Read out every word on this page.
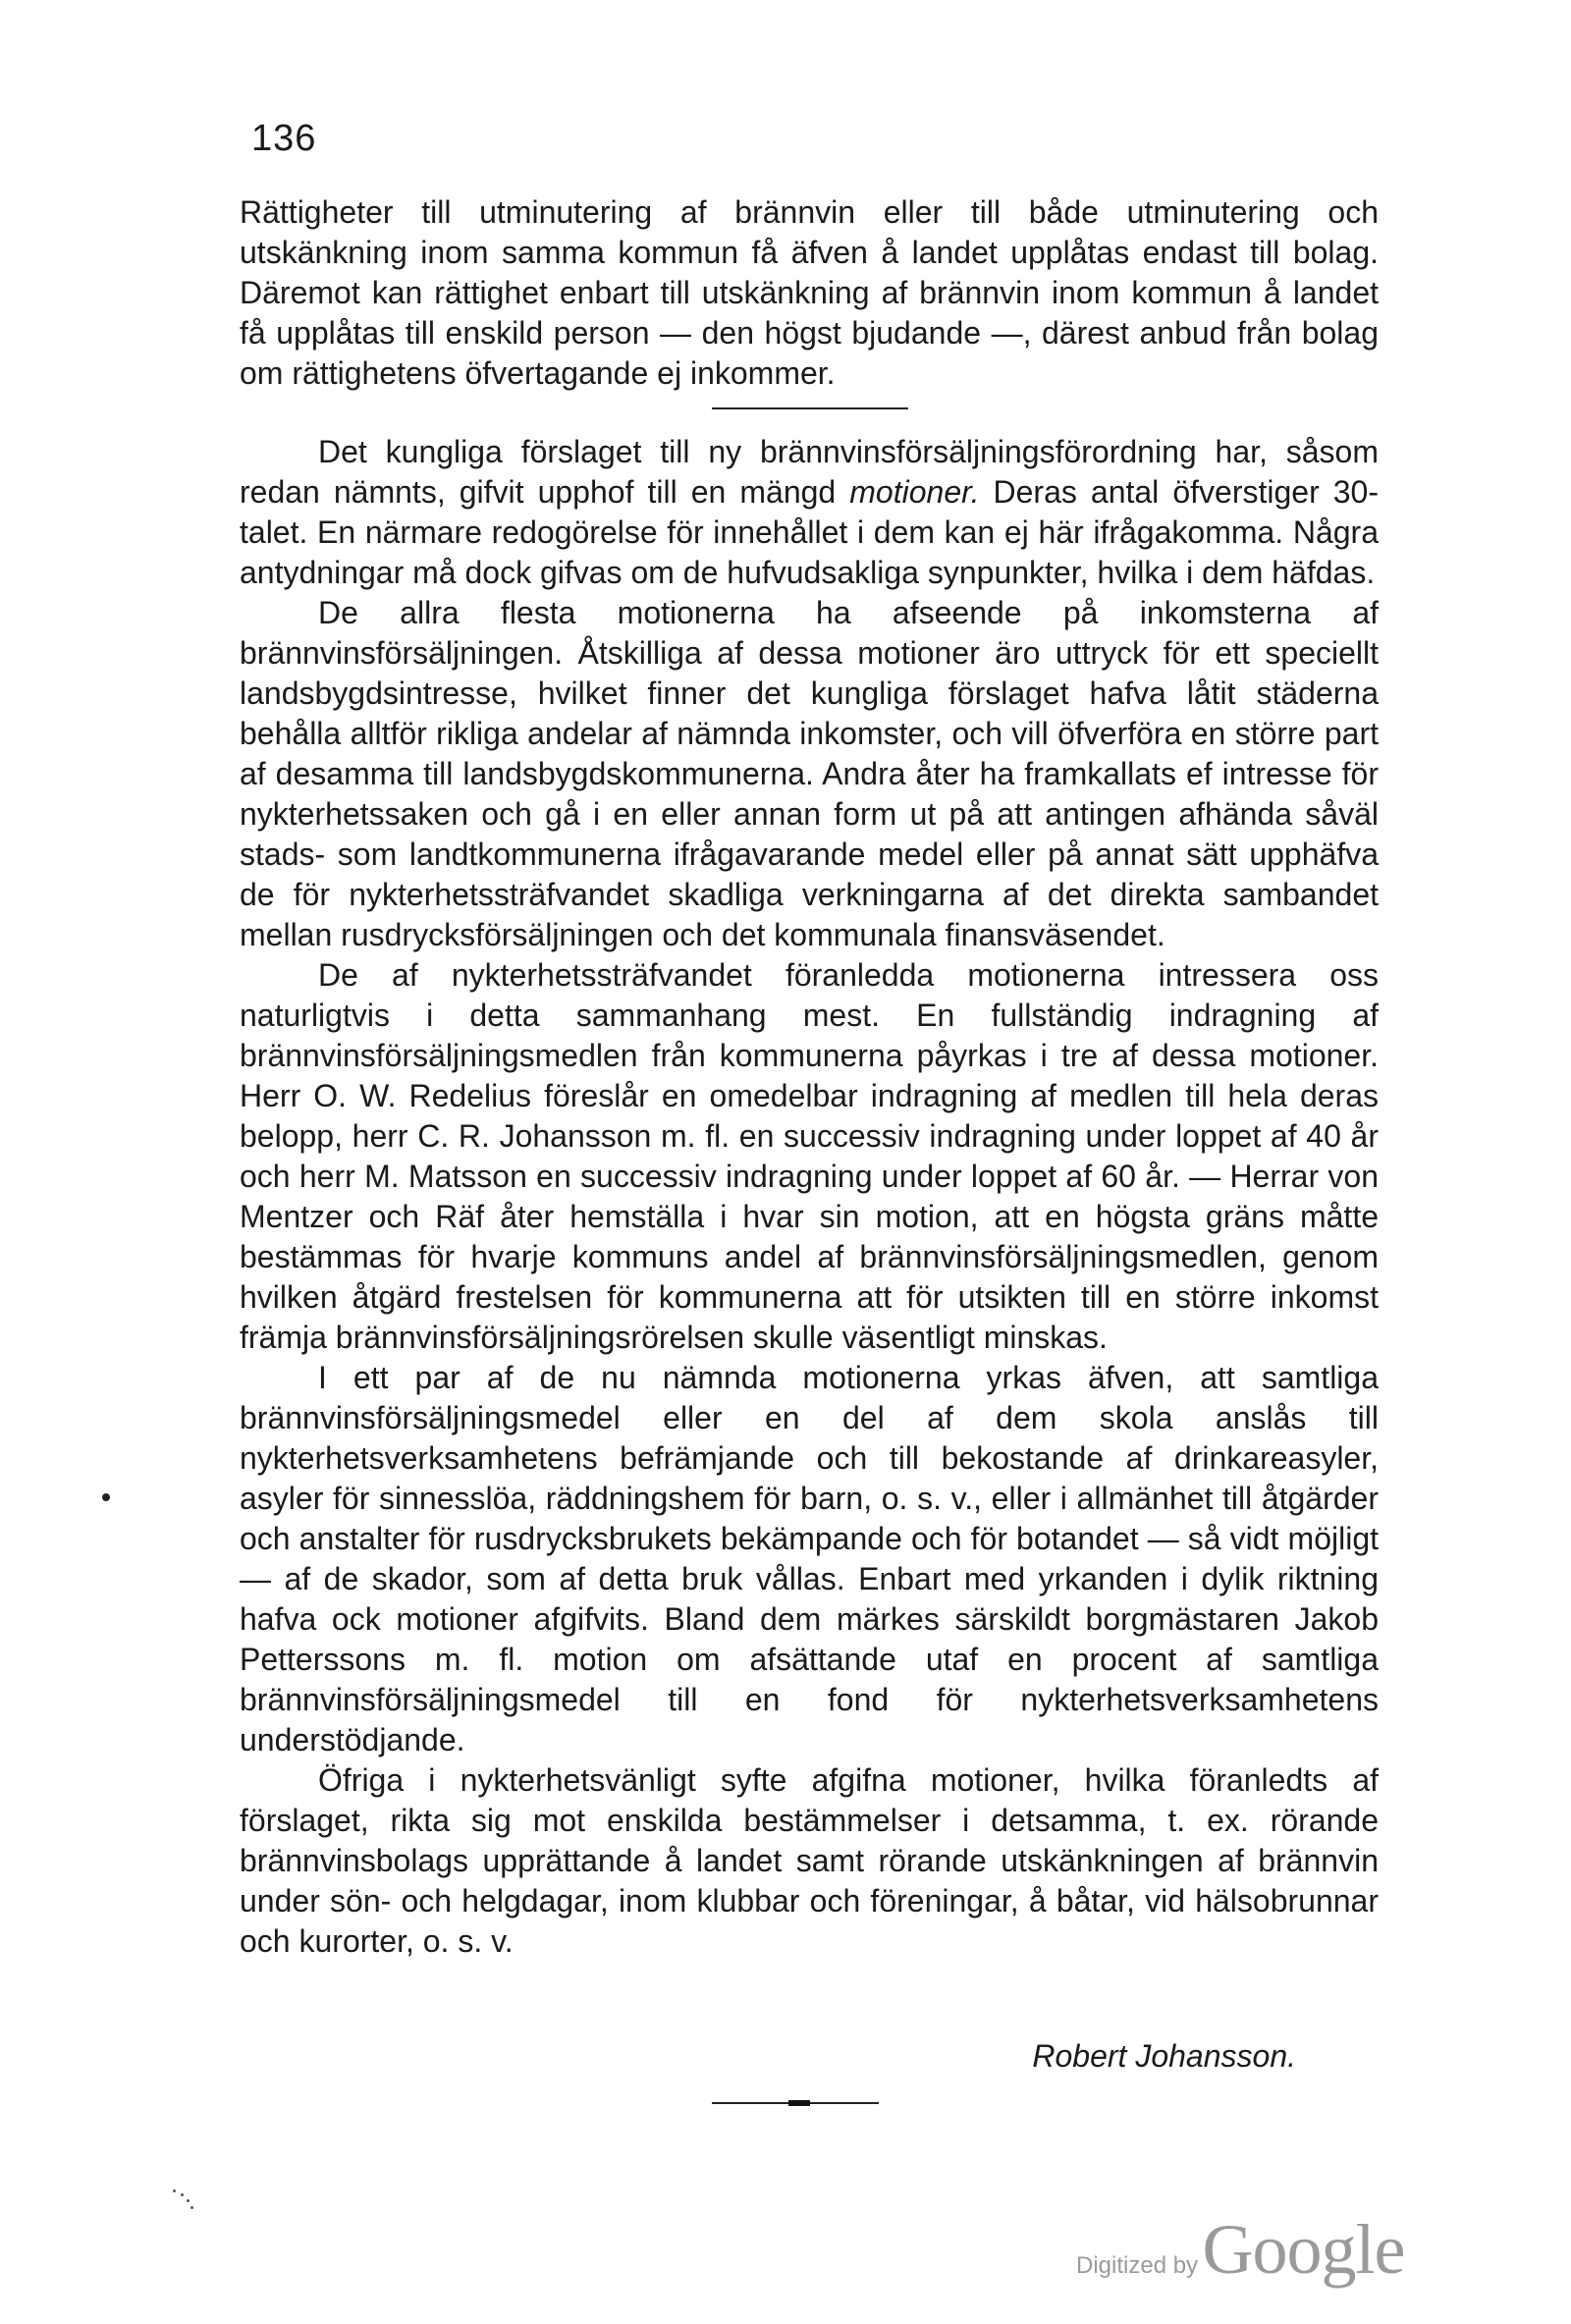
136

Rättigheter till utminutering af brännvin eller till både utminutering och utskänkning inom samma kommun få äfven å landet upplåtas endast till bolag. Däremot kan rättighet enbart till utskänkning af brännvin inom kommun å landet få upplåtas till enskild person — den högst bjudande —, därest anbud från bolag om rättighetens öfvertagande ej inkommer.

Det kungliga förslaget till ny brännvinsförsäljningsförordning har, såsom redan nämnts, gifvit upphof till en mängd motioner. Deras antal öfverstiger 30-talet. En närmare redogörelse för innehållet i dem kan ej här ifrågakomma. Några antydningar må dock gifvas om de hufvudsakliga synpunkter, hvilka i dem häfdas.

De allra flesta motionerna ha afseende på inkomsterna af brännvinsförsäljningen. Åtskilliga af dessa motioner äro uttryck för ett speciellt landsbygdsintresse, hvilket finner det kungliga förslaget hafva låtit städerna behålla alltför rikliga andelar af nämnda inkomster, och vill öfverföra en större part af desamma till landsbygdskommunerna. Andra åter ha framkallats ef intresse för nykterhetssaken och gå i en eller annan form ut på att antingen afhända såväl stads- som landtkommunerna ifrågavarande medel eller på annat sätt upphäfva de för nykterhetssträfvandet skadliga verkningarna af det direkta sambandet mellan rusdrycksförsäljningen och det kommunala finansväsendet.

De af nykterhetssträfvandet föranledda motionerna intressera oss naturligtvis i detta sammanhang mest. En fullständig indragning af brännvinsförsäljningsmedlen från kommunerna påyrkas i tre af dessa motioner. Herr O. W. Redelius föreslår en omedelbar indragning af medlen till hela deras belopp, herr C. R. Johansson m. fl. en successiv indragning under loppet af 40 år och herr M. Matsson en successiv indragning under loppet af 60 år. — Herrar von Mentzer och Räf åter hemställa i hvar sin motion, att en högsta gräns måtte bestämmas för hvarje kommuns andel af brännvinsförsäljningsmedlen, genom hvilken åtgärd frestelsen för kommunerna att för utsikten till en större inkomst främja brännvinsförsäljningsrörelsen skulle väsentligt minskas.

I ett par af de nu nämnda motionerna yrkas äfven, att samtliga brännvinsförsäljningsmedel eller en del af dem skola anslås till nykterhetsverksamhetens befrämjande och till bekostande af drinkareasyler, asyler för sinnesslöa, räddningshem för barn, o. s. v., eller i allmänhet till åtgärder och anstalter för rusdrycksbrukets bekämpande och för botandet — så vidt möjligt — af de skador, som af detta bruk vållas. Enbart med yrkanden i dylik riktning hafva ock motioner afgifvits. Bland dem märkes särskildt borgmästaren Jakob Petterssons m. fl. motion om afsättande utaf en procent af samtliga brännvinsförsäljningsmedel till en fond för nykterhetsverksamhetens understödjande.

Öfriga i nykterhetsvänligt syfte afgifna motioner, hvilka föranledts af förslaget, rikta sig mot enskilda bestämmelser i detsamma, t. ex. rörande brännvinsbolags upprättande å landet samt rörande utskänkningen af brännvin under sön- och helgdagar, inom klubbar och föreningar, å båtar, vid hälsobrunnar och kurorter, o. s. v.

Robert Johansson.
Digitized by Google
